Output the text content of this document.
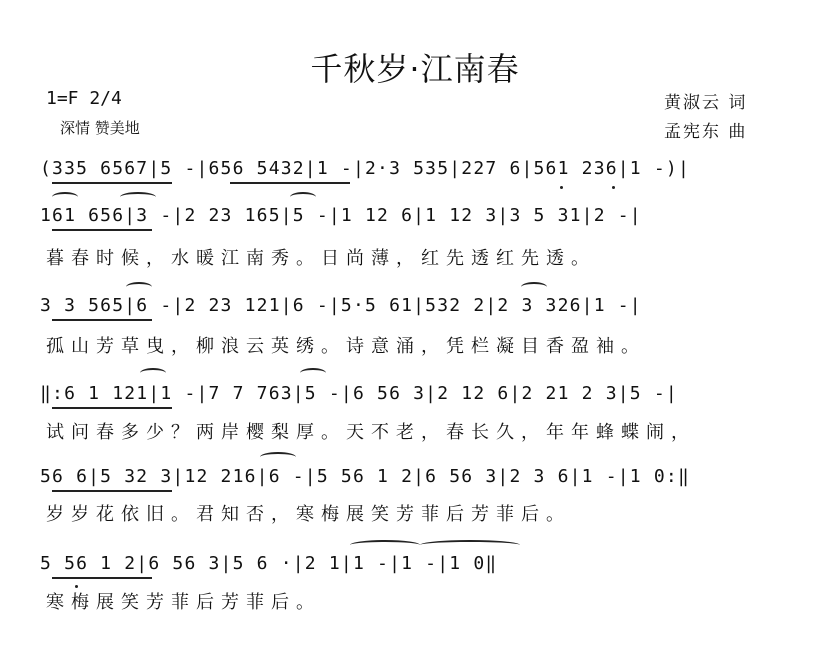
千秋岁·江南春
1=F 2/4
深情 赞美地
黄淑云 词
孟宪东 曲
(335 6567|5 -|656 5432|1 -|2·3 535|227 6|561 236|1 -)|
161 656|3 -|2 23 165|5 -|1 12 6|1 12 3|3 5 31|2 -|
暮春时候，水暖江南秀。日尚薄，红先透红先透。
3 3 565|6 -|2 23 121|6 -|5·5 61|532 2|2 3 326|1 -|
孤山芳草曳，柳浪云英绣。诗意涌，凭栏凝目香盈袖。
‖:6 1 121|1 -|7 7 763|5 -|6 56 3|2 12 6|2 21 2 3|5 -|
试问春多少？两岸樱梨厚。天不老，春长久，年年蜂蝶闹，
56 6|5 32 3|12 216|6 -|5 56 1 2|6 56 3|2 3 6|1 -|1 0:‖
岁岁花依旧。君知否，寒梅展笑芳菲后芳菲后。
5 56 1 2|6 56 3|5 6 ·|2 1|1 -|1 -|1 0‖
寒梅展笑芳菲后芳菲后。
